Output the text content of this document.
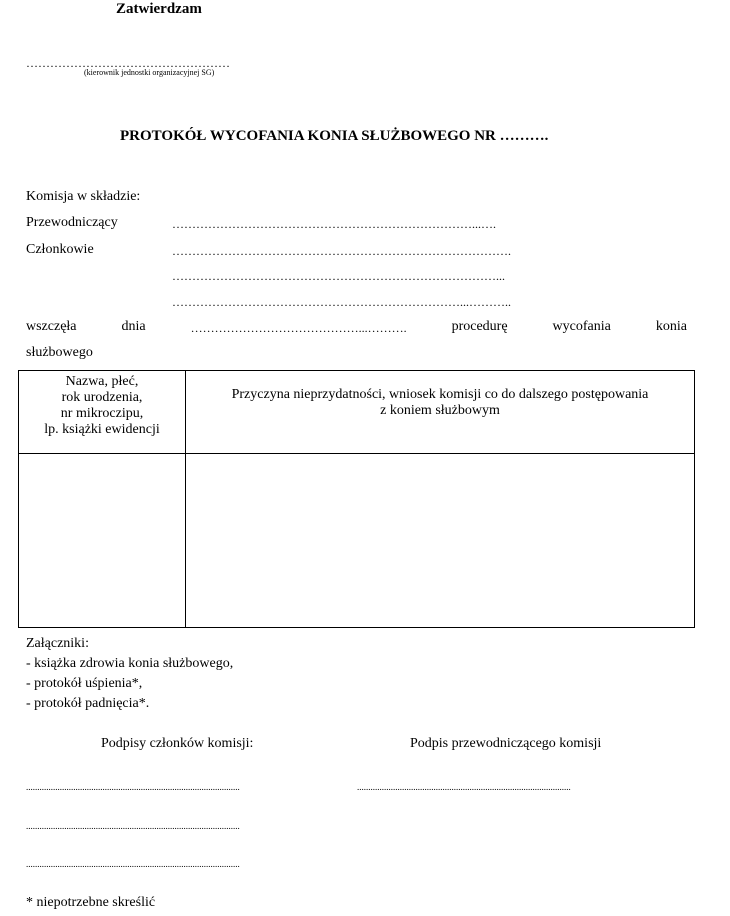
Zatwierdzam
……………………………………………
(kierownik jednostki organizacyjnej SG)
PROTOKÓŁ WYCOFANIA KONIA SŁUŻBOWEGO NR ……….
Komisja w składzie:
Przewodniczący	…………………………………………………………………...….
Członkowie	………………………………………………………………………….
………………………………………………………………………...
………………………………………………………………...………..
wszczęła	dnia	……………………………………...……….	procedurę	wycofania	konia
służbowego
Nazwa, płeć,
rok urodzenia,
nr mikroczipu,
lp. książki ewidencji	Przyczyna nieprzydatności, wniosek komisji co do dalszego postępowania
z koniem służbowym

Załączniki:
- książka zdrowia konia służbowego,
- protokół uśpienia*,
- protokół padnięcia*.
Podpisy członków komisji:	Podpis przewodniczącego komisji
...............................................................................................	...............................................................................................
...............................................................................................
...............................................................................................
* niepotrzebne skreślić
